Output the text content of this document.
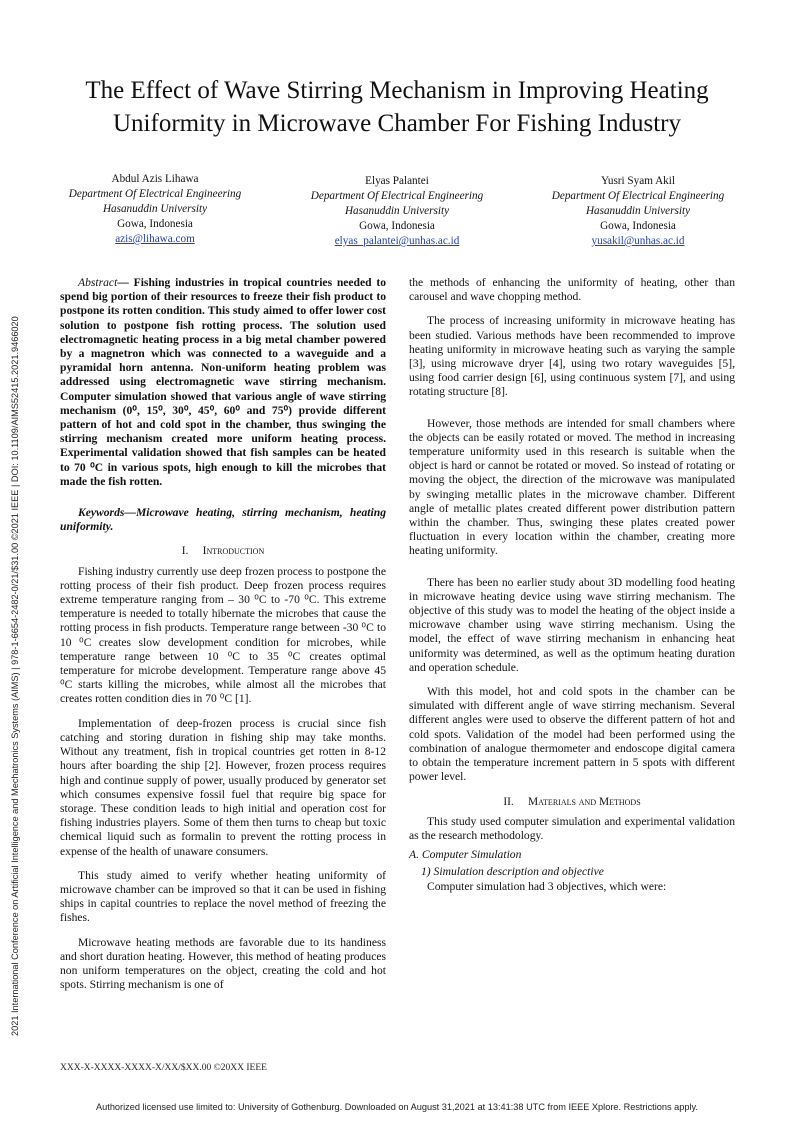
The Effect of Wave Stirring Mechanism in Improving Heating Uniformity in Microwave Chamber For Fishing Industry
Abdul Azis Lihawa
Department Of Electrical Engineering
Hasanuddin University
Gowa, Indonesia
azis@lihawa.com
Elyas Palantei
Department Of Electrical Engineering
Hasanuddin University
Gowa, Indonesia
elyas_palantei@unhas.ac.id
Yusri Syam Akil
Department Of Electrical Engineering
Hasanuddin University
Gowa, Indonesia
yusakil@unhas.ac.id

Abstract— Fishing industries in tropical countries needed to spend big portion of their resources to freeze their fish product to postpone its rotten condition. This study aimed to offer lower cost solution to postpone fish rotting process. The solution used electromagnetic heating process in a big metal chamber powered by a magnetron which was connected to a waveguide and a pyramidal horn antenna. Non-uniform heating problem was addressed using electromagnetic wave stirring mechanism. Computer simulation showed that various angle of wave stirring mechanism (0⁰, 15⁰, 30⁰, 45⁰, 60⁰ and 75⁰) provide different pattern of hot and cold spot in the chamber, thus swinging the stirring mechanism created more uniform heating process. Experimental validation showed that fish samples can be heated to 70 ⁰C in various spots, high enough to kill the microbes that made the fish rotten.

Keywords—Microwave heating, stirring mechanism, heating uniformity.

I. Introduction

Fishing industry currently use deep frozen process to postpone the rotting process of their fish product. Deep frozen process requires extreme temperature ranging from – 30 ⁰C to -70 ⁰C. This extreme temperature is needed to totally hibernate the microbes that cause the rotting process in fish products. Temperature range between -30 ⁰C to 10 ⁰C creates slow development condition for microbes, while temperature range between 10 ⁰C to 35 ⁰C creates optimal temperature for microbe development. Temperature range above 45 ⁰C starts killing the microbes, while almost all the microbes that creates rotten condition dies in 70 ⁰C [1].

Implementation of deep-frozen process is crucial since fish catching and storing duration in fishing ship may take months. Without any treatment, fish in tropical countries get rotten in 8-12 hours after boarding the ship [2]. However, frozen process requires high and continue supply of power, usually produced by generator set which consumes expensive fossil fuel that require big space for storage. These condition leads to high initial and operation cost for fishing industries players. Some of them then turns to cheap but toxic chemical liquid such as formalin to prevent the rotting process in expense of the health of unaware consumers.

This study aimed to verify whether heating uniformity of microwave chamber can be improved so that it can be used in fishing ships in capital countries to replace the novel method of freezing the fishes.

Microwave heating methods are favorable due to its handiness and short duration heating. However, this method of heating produces non uniform temperatures on the object, creating the cold and hot spots. Stirring mechanism is one of

the methods of enhancing the uniformity of heating, other than carousel and wave chopping method.

The process of increasing uniformity in microwave heating has been studied. Various methods have been recommended to improve heating uniformity in microwave heating such as varying the sample [3], using microwave dryer [4], using two rotary waveguides [5], using food carrier design [6], using continuous system [7], and using rotating structure [8].

However, those methods are intended for small chambers where the objects can be easily rotated or moved. The method in increasing temperature uniformity used in this research is suitable when the object is hard or cannot be rotated or moved. So instead of rotating or moving the object, the direction of the microwave was manipulated by swinging metallic plates in the microwave chamber. Different angle of metallic plates created different power distribution pattern within the chamber. Thus, swinging these plates created power fluctuation in every location within the chamber, creating more heating uniformity.

There has been no earlier study about 3D modelling food heating in microwave heating device using wave stirring mechanism. The objective of this study was to model the heating of the object inside a microwave chamber using wave stirring mechanism. Using the model, the effect of wave stirring mechanism in enhancing heat uniformity was determined, as well as the optimum heating duration and operation schedule.

With this model, hot and cold spots in the chamber can be simulated with different angle of wave stirring mechanism. Several different angles were used to observe the different pattern of hot and cold spots. Validation of the model had been performed using the combination of analogue thermometer and endoscope digital camera to obtain the temperature increment pattern in 5 spots with different power level.

II. Materials and Methods

This study used computer simulation and experimental validation as the research methodology.

A. Computer Simulation

1) Simulation description and objective

Computer simulation had 3 objectives, which were:

2021 International Conference on Artificial Intelligence and Mechatronics Systems (AIMS) | 978-1-6654-2482-0/21/$31.00 ©2021 IEEE | DOI: 10.1109/AIMS52415.2021.9466020
XXX-X-XXXX-XXXX-X/XX/$XX.00 ©20XX IEEE
Authorized licensed use limited to: University of Gothenburg. Downloaded on August 31,2021 at 13:41:38 UTC from IEEE Xplore. Restrictions apply.
